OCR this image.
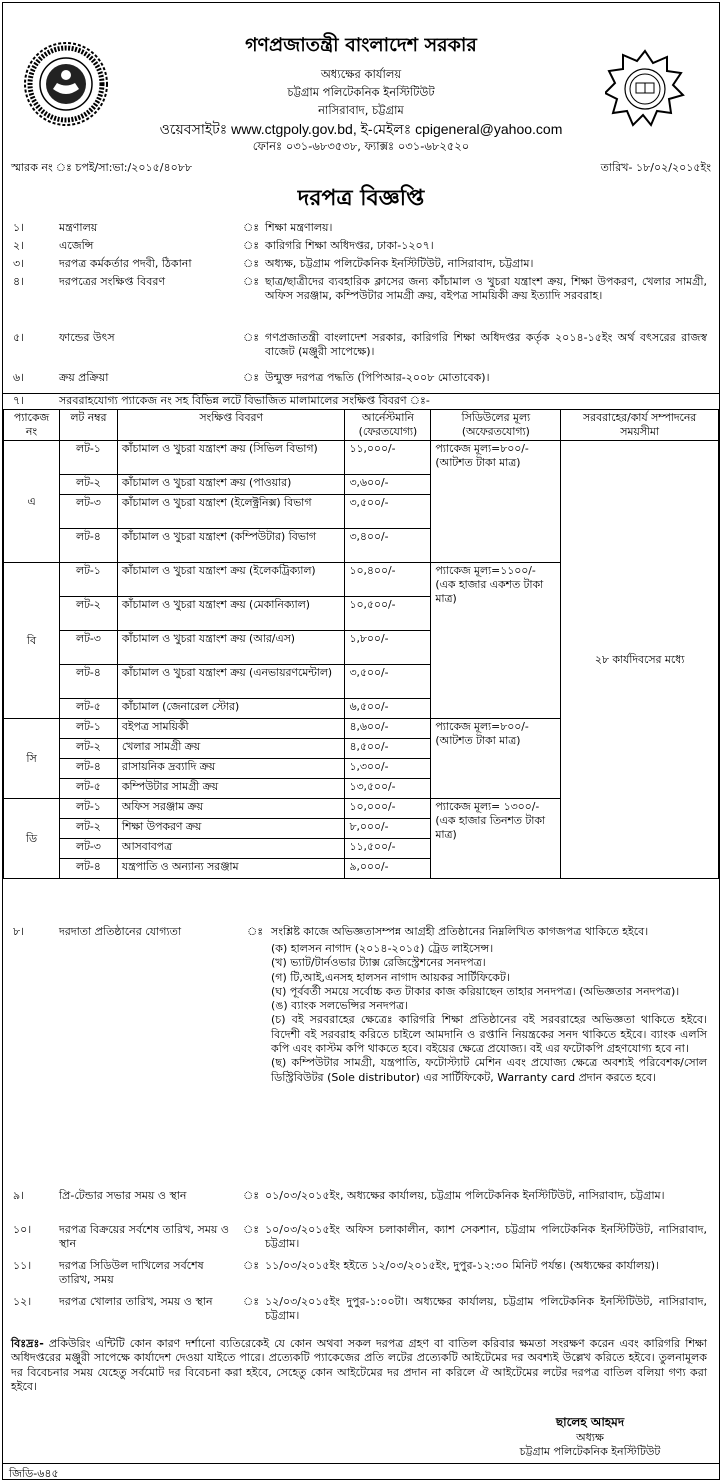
গণপ্রজাতন্ত্রী বাংলাদেশ সরকার
অধ্যক্ষের কার্যালয়
চট্টগ্রাম পলিটেকনিক ইনস্টিটিউট
নাসিরাবাদ, চট্টগ্রাম
ওয়েবসাইটঃ www.ctgpoly.gov.bd, ই-মেইলঃ cpigeneral@yahoo.com
ফোনঃ ০৩১-৬৮৩৫৩৮, ফ্যাক্সঃ ০৩১-৬৮২৫২০
স্মারক নং ঃ চপই/সা:ভা:/২০১৫/৪০৮৮	তারিখ- ১৮/০২/২০১৫ইং
দরপত্র বিজ্ঞপ্তি
১।	মন্ত্রণালয়	ঃ শিক্ষা মন্ত্রণালয়।
২।	এজেন্সি	ঃ কারিগরি শিক্ষা অধিদপ্তর, ঢাকা-১২০৭।
৩।	দরপত্র কর্মকর্তার পদবী, ঠিকানা	ঃ অধ্যক্ষ, চট্টগ্রাম পলিটেকনিক ইনস্টিটিউট, নাসিরাবাদ, চট্টগ্রাম।
৪।	দরপত্রের সংক্ষিপ্ত বিবরণ	ঃ ছাত্র/ছাত্রীদের ব্যবহারিক ক্লাসের জন্য কাঁচামাল ও খুচরা যন্ত্রাংশ ক্রয়, শিক্ষা উপকরণ, খেলার সামগ্রী, অফিস সরঞ্জাম, কম্পিউটার সামগ্রী ক্রয়, বইপত্র সাময়িকী ক্রয় ইত্যাদি সরবরাহ।
৫।	ফান্ডের উৎস	ঃ গণপ্রজাতন্ত্রী বাংলাদেশ সরকার, কারিগরি শিক্ষা অধিদপ্তর কর্তৃক ২০১৪-১৫ইং অর্থ বৎসরের রাজস্ব বাজেট (মঞ্জুরী সাপেক্ষে)।
৬।	ক্রয় প্রক্রিয়া	ঃ উন্মুক্ত দরপত্র পদ্ধতি (পিপিআর-২০০৮ মোতাবেক)।
৭।	সরবরাহযোগ্য প্যাকেজ নং সহ বিভিন্ন লটে বিভাজিত মালামালের সংক্ষিপ্ত বিবরণ ঃ-
প্যাকেজ নং	লট নম্বর	সংক্ষিপ্ত বিবরণ	আর্নেস্টমানি (ফেরতযোগ্য)	সিডিউলের মূল্য (অফেরতযোগ্য)	সরবরাহের/কার্য সম্পাদনের সময়সীমা
এ	লট-১	কাঁচামাল ও খুচরা যন্ত্রাংশ ক্রয় (সিভিল বিভাগ)	১১,০০০/-	প্যাকেজ মূল্য=৮০০/- (আটশত টাকা মাত্র)	২৮ কার্যদিবসের মধ্যে
	লট-২	কাঁচামাল ও খুচরা যন্ত্রাংশ ক্রয় (পাওয়ার)	৩,৬০০/-		
	লট-৩	কাঁচামাল ও খুচরা যন্ত্রাংশ (ইলেক্ট্রনিক্স) বিভাগ	৩,৫০০/-		
	লট-৪	কাঁচামাল ও খুচরা যন্ত্রাংশ (কম্পিউটার) বিভাগ	৩,৪০০/-		
বি	লট-১	কাঁচামাল ও খুচরা যন্ত্রাংশ ক্রয় (ইলেকট্রিক্যাল)	১০,৪০০/-	প্যাকেজ মূল্য=১১০০/- (এক হাজার একশত টাকা মাত্র)	
	লট-২	কাঁচামাল ও খুচরা যন্ত্রাংশ ক্রয় (মেকানিক্যাল)	১০,৫০০/-		
	লট-৩	কাঁচামাল ও খুচরা যন্ত্রাংশ ক্রয় (আর/এস)	১,৮০০/-		
	লট-৪	কাঁচামাল ও খুচরা যন্ত্রাংশ ক্রয় (এনভায়রণমেন্টাল)	৩,৫০০/-		
	লট-৫	কাঁচামাল (জেনারেল স্টোর)	৬,৫০০/-		
সি	লট-১	বইপত্র সাময়িকী	৪,৬০০/-	প্যাকেজ মূল্য=৮০০/- (আটশত টাকা মাত্র)	
	লট-২	খেলার সামগ্রী ক্রয়	৪,৫০০/-		
	লট-৪	রাসায়নিক দ্রব্যাদি ক্রয়	১,৩০০/-		
	লট-৫	কম্পিউটার সামগ্রী ক্রয়	১৩,৫০০/-		
ডি	লট-১	অফিস সরঞ্জাম ক্রয়	১০,০০০/-	প্যাকেজ মূল্য= ১৩০০/- (এক হাজার তিনশত টাকা মাত্র)	
	লট-২	শিক্ষা উপকরণ ক্রয়	৮,০০০/-		
	লট-৩	আসবাবপত্র	১১,৫০০/-		
	লট-৪	যন্ত্রপাতি ও অন্যান্য সরঞ্জাম	৯,০০০/-		
৮।	দরদাতা প্রতিষ্ঠানের যোগ্যতা	ঃ সংশ্লিষ্ট কাজে অভিজ্ঞতাসম্পন্ন আগ্রহী প্রতিষ্ঠানের নিম্নলিখিত কাগজপত্র থাকিতে হইবে।
(ক) হালসন নাগাদ (২০১৪-২০১৫) ট্রেড লাইসেন্স।
(খ) ভ্যাট/টার্নওভার ট্যাক্স রেজিস্ট্রেশনের সনদপত্র।
(গ) টি,আই,এনসহ হালসন নাগাদ আয়কর সার্টিফিকেট।
(ঘ) পূর্ববর্তী সময়ে সর্বোচ্চ কত টাকার কাজ করিয়াছেন তাহার সনদপত্র। (অভিজ্ঞতার সনদপত্র)।
(ঙ) ব্যাংক সলভেন্সির সনদপত্র।
(চ) বই সরবরাহের ক্ষেত্রেঃ কারিগরি শিক্ষা প্রতিষ্ঠানের বই সরবরাহের অভিজ্ঞতা থাকিতে হইবে। বিদেশী বই সরবরাহ করিতে চাইলে আমদানি ও রপ্তানি নিয়ন্ত্রকের সনদ থাকিতে হইবে। ব্যাংক এলসি কপি এবং কাস্টম কপি থাকতে হবে। বইয়ের ক্ষেত্রে প্রযোজ্য। বই এর ফটোকপি গ্রহণযোগ্য হবে না।
(ছ) কম্পিউটার সামগ্রী, যন্ত্রপাতি, ফটোস্ট্যাট মেশিন এবং প্রযোজ্য ক্ষেত্রে অবশ্যই পরিবেশক/সোল ডিস্ট্রিবিউটর (Sole distributor) এর সার্টিফিকেট, Warranty card প্রদান করতে হবে।
৯।	প্রি-টেন্ডার সভার সময় ও স্থান	ঃ ০১/০৩/২০১৫ইং, অধ্যক্ষের কার্যালয়, চট্টগ্রাম পলিটেকনিক ইনস্টিটিউট, নাসিরাবাদ, চট্টগ্রাম।
১০।	দরপত্র বিক্রয়ের সর্বশেষ তারিখ, সময় ও স্থান
ঃ ১০/০৩/২০১৫ইং অফিস চলাকালীন, ক্যাশ সেকশান, চট্টগ্রাম পলিটেকনিক ইনস্টিটিউট, নাসিরাবাদ, চট্টগ্রাম।
১১।	দরপত্র সিডিউল দাখিলের সর্বশেষ তারিখ, সময়
ঃ ১১/০৩/২০১৫ইং হইতে ১২/০৩/২০১৫ইং, দুপুর-১২:৩০ মিনিট পর্যন্ত। (অধ্যক্ষের কার্যালয়)।
১২।	দরপত্র খোলার তারিখ, সময় ও স্থান	ঃ ১২/০৩/২০১৫ইং দুপুর-১:০০টা। অধ্যক্ষের কার্যালয়, চট্টগ্রাম পলিটেকনিক ইনস্টিটিউট, নাসিরাবাদ, চট্টগ্রাম।
বিঃদ্রঃ- প্রকিউরিং এন্টিটি কোন কারণ দর্শানো ব্যতিরেকেই যে কোন অথবা সকল দরপত্র গ্রহণ বা বাতিল করিবার ক্ষমতা সংরক্ষণ করেন এবং কারিগরি শিক্ষা অধিদপ্তরের মঞ্জুরী সাপেক্ষে কার্যাদেশ দেওয়া যাইতে পারে। প্রত্যেকটি প্যাকেজের প্রতি লটের প্রত্যেকটি আইটেমের দর অবশ্যই উল্লেখ করিতে হইবে। তুলনামূলক দর বিবেচনার সময় যেহেতু সর্বমোট দর বিবেচনা করা হইবে, সেহেতু কোন আইটেমের দর প্রদান না করিলে ঐ আইটেমের লটের দরপত্র বাতিল বলিয়া গণ্য করা হইবে।
ছালেহ আহমদ
অধ্যক্ষ
চট্টগ্রাম পলিটেকনিক ইনস্টিটিউট
জিডি-৬৪৫
